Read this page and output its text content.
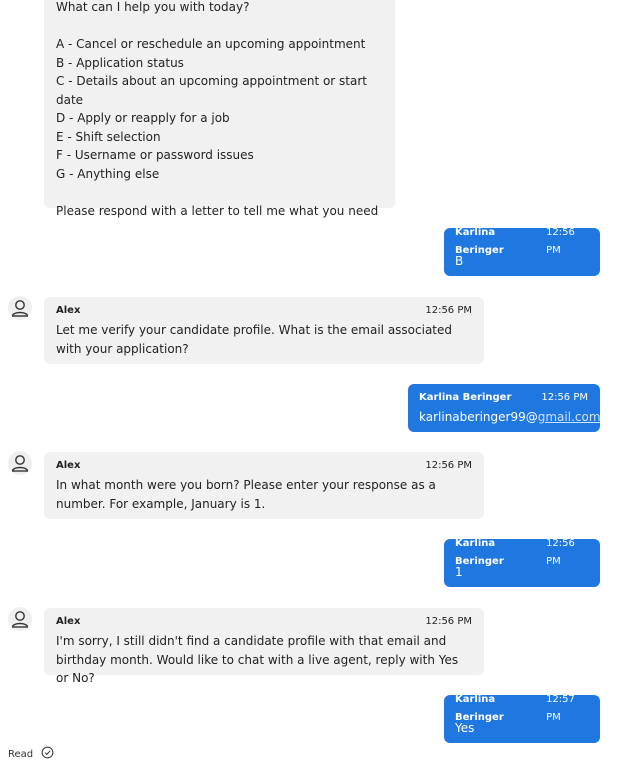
What can I help you with today?
A - Cancel or reschedule an upcoming appointment
B - Application status
C - Details about an upcoming appointment or start date
D - Apply or reapply for a job
E - Shift selection
F - Username or password issues
G - Anything else
Please respond with a letter to tell me what you need
Karlina Beringer
12:56 PM
B
Alex	12:56 PM
Let me verify your candidate profile. What is the email associated with your application?
Karlina Beringer	12:56 PM
karlinaberinger99@gmail.com
Alex	12:56 PM
In what month were you born? Please enter your response as a number. For example, January is 1.
Karlina Beringer
12:56 PM
1
Alex	12:56 PM
I'm sorry, I still didn't find a candidate profile with that email and birthday month. Would like to chat with a live agent, reply with Yes or No?
Karlina Beringer
12:57 PM
Yes
Read
